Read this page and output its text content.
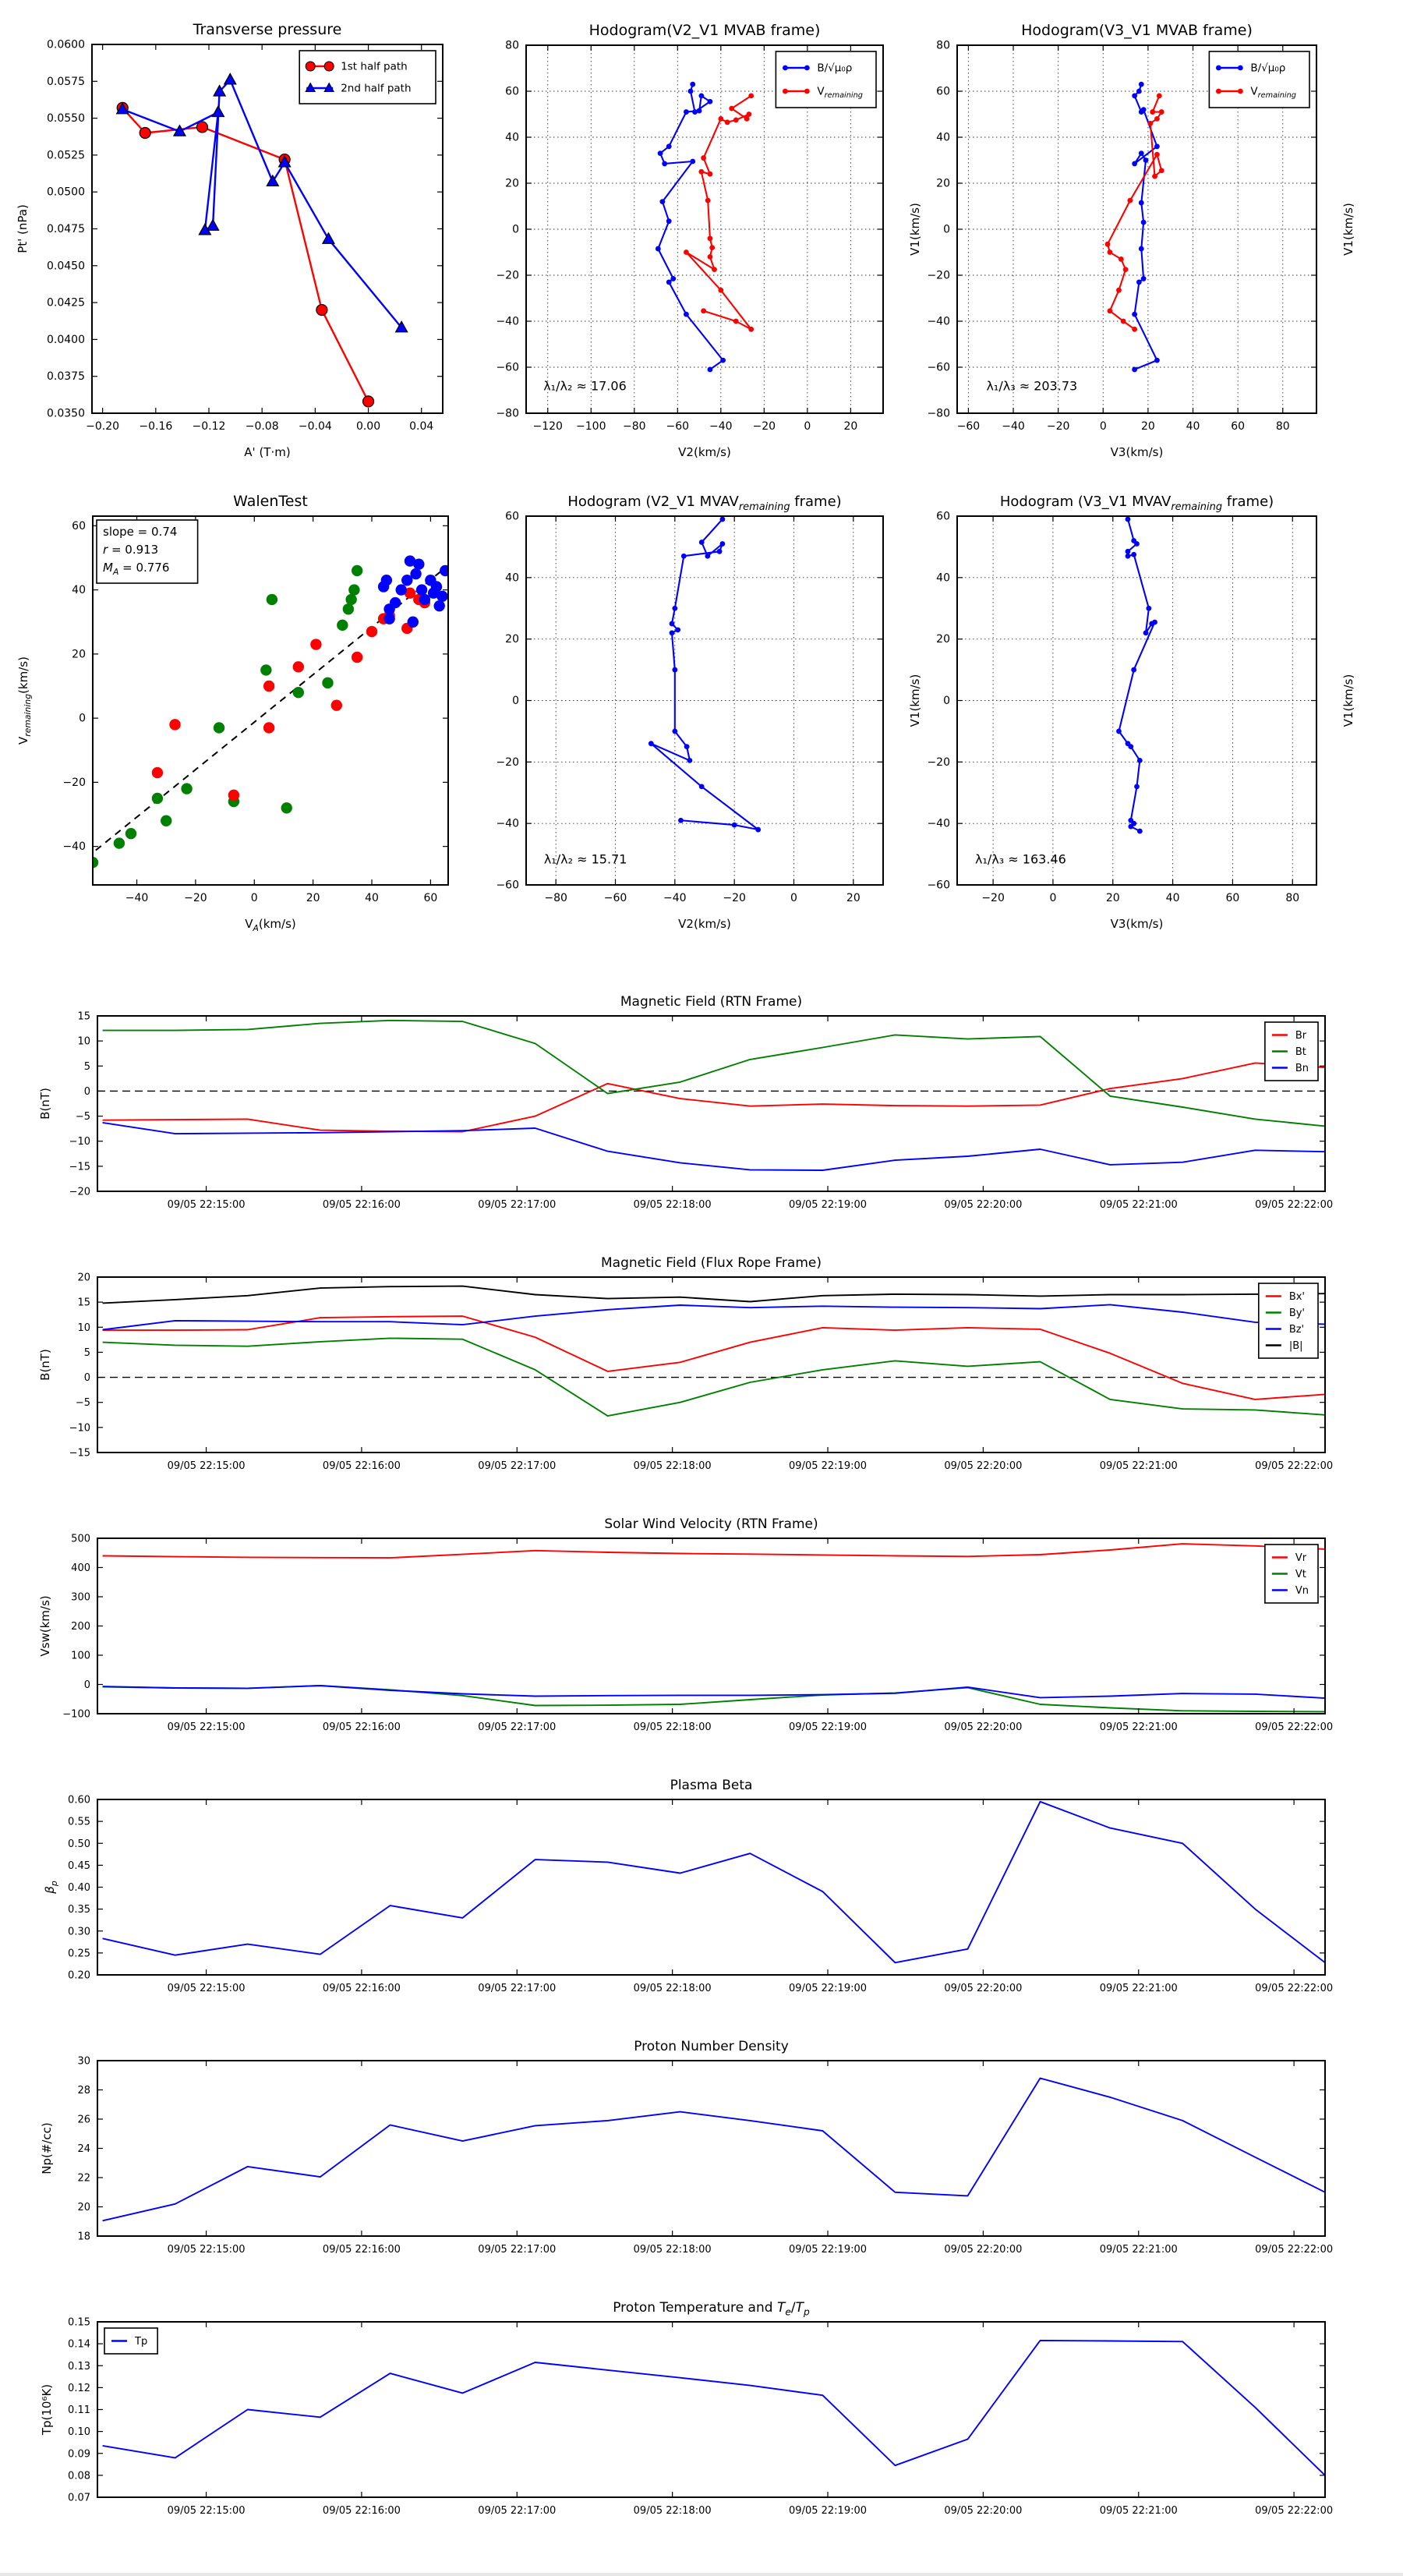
−0.20 −0.16 −0.12 −0.08 −0.04 0.00	0.04
0.0350
0.0375
0.0400
0.0425
0.0450
0.0475
0.0500
0.0525
0.0550
0.0575
0.0600
Transverse pressure
A' (T·m)
Pt' (nPa)
1st half path
2nd half path
−120 −100 −80 −60 −40 −20	0	20
−80
−60
−40
−20
0
20
40
60
80
Hodogram(V2_V1 MVAB frame)
V2(km/s)
V1(km/s)
λ₁/λ₂ ≈ 17.06
B/√μ₀ρ
$V_{remaining}$
−60 −40 −20	0	20	40	60	80
−80
−60
−40
−20
0
20
40
60
80
Hodogram(V3_V1 MVAB frame)
V3(km/s)
V1(km/s)
λ₁/λ₃ ≈ 203.73
B/√μ₀ρ
$V_{remaining}$
−40	−20	0	20	40	60
−40
−20
0
20
40
60
WalenTest
$V_A(km/s)$
$V_{remaining}(km/s)$
slope = 0.74
r = 0.913
$M_A = 0.776$
−80	−60	−40	−20	0	20
−60
−40
−20
0
20
40
60
Hodogram (V2_V1 $MVAV_{remaining}$ frame)
V2(km/s)
V1(km/s)
λ₁/λ₂ ≈ 15.71
−20	0	20	40	60	80
−60
−40
−20
0
20
40
60
Hodogram (V3_V1 $MVAV_{remaining}$ frame)
V3(km/s)
V1(km/s)
λ₁/λ₃ ≈ 163.46
09/05 22:15:00	09/05 22:16:00	09/05 22:17:00	09/05 22:18:00	09/05 22:19:00	09/05 22:20:00	09/05 22:21:00	09/05 22:22:00
−20
−15
−10
−5
0
5
10
15
Magnetic Field (RTN Frame)
B(nT)
Br
Bt
Bn
09/05 22:15:00	09/05 22:16:00	09/05 22:17:00	09/05 22:18:00	09/05 22:19:00	09/05 22:20:00	09/05 22:21:00	09/05 22:22:00
−15
−10
−5
0
5
10
15
20
Magnetic Field (Flux Rope Frame)
B(nT)
Bx'
By'
Bz'
|B|
09/05 22:15:00	09/05 22:16:00	09/05 22:17:00	09/05 22:18:00	09/05 22:19:00	09/05 22:20:00	09/05 22:21:00	09/05 22:22:00
−100
0
100
200
300
400
500
Solar Wind Velocity (RTN Frame)
Vsw(km/s)
Vr
Vt
Vn
09/05 22:15:00	09/05 22:16:00	09/05 22:17:00	09/05 22:18:00	09/05 22:19:00	09/05 22:20:00	09/05 22:21:00	09/05 22:22:00
0.20
0.25
0.30
0.35
0.40
0.45
0.50
0.55
0.60
Plasma Beta
$\beta_p$
09/05 22:15:00	09/05 22:16:00	09/05 22:17:00	09/05 22:18:00	09/05 22:19:00	09/05 22:20:00	09/05 22:21:00	09/05 22:22:00
18
20
22
24
26
28
30
Proton Number Density
Np(#/cc)
09/05 22:15:00	09/05 22:16:00	09/05 22:17:00	09/05 22:18:00	09/05 22:19:00	09/05 22:20:00	09/05 22:21:00	09/05 22:22:00
0.07
0.08
0.09
0.10
0.11
0.12
0.13
0.14
0.15
Proton Temperature and $T_e/T_p$
Tp(10⁶K)
Tp
